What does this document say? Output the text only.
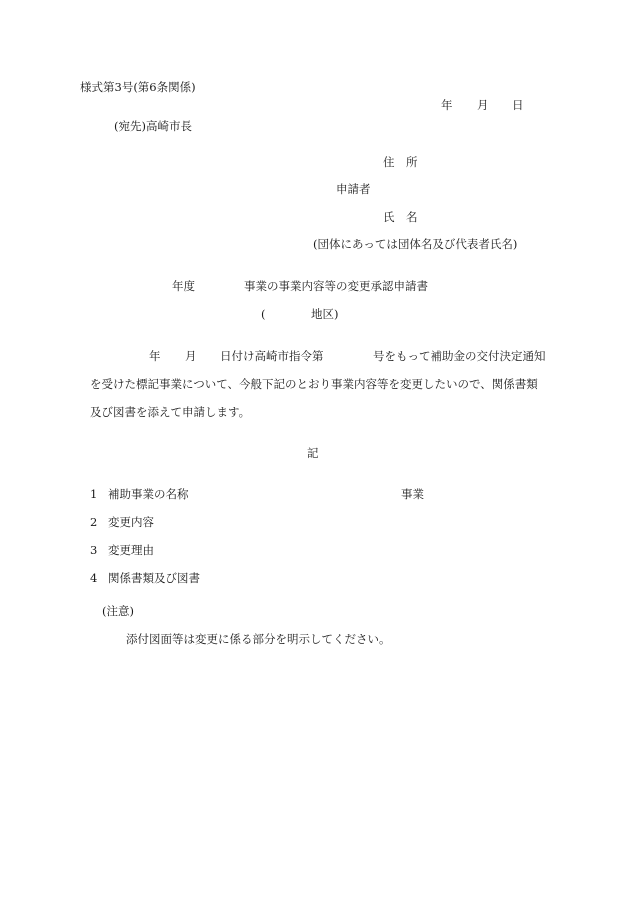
様式第3号(第6条関係)
年 月 日
(宛先)高崎市長
住　所
申請者
氏　名
(団体にあっては団体名及び代表者氏名)
年度	事業の事業内容等の変更承認申請書
(	地区)
年 月 日付け高崎市指令第	号をもって補助金の交付決定通知
を受けた標記事業について、今般下記のとおり事業内容等を変更したいので、関係書類
及び図書を添えて申請します。
記
1 補助事業の名称	事業
2 変更内容
3 変更理由
4 関係書類及び図書
(注意)
添付図面等は変更に係る部分を明示してください。
